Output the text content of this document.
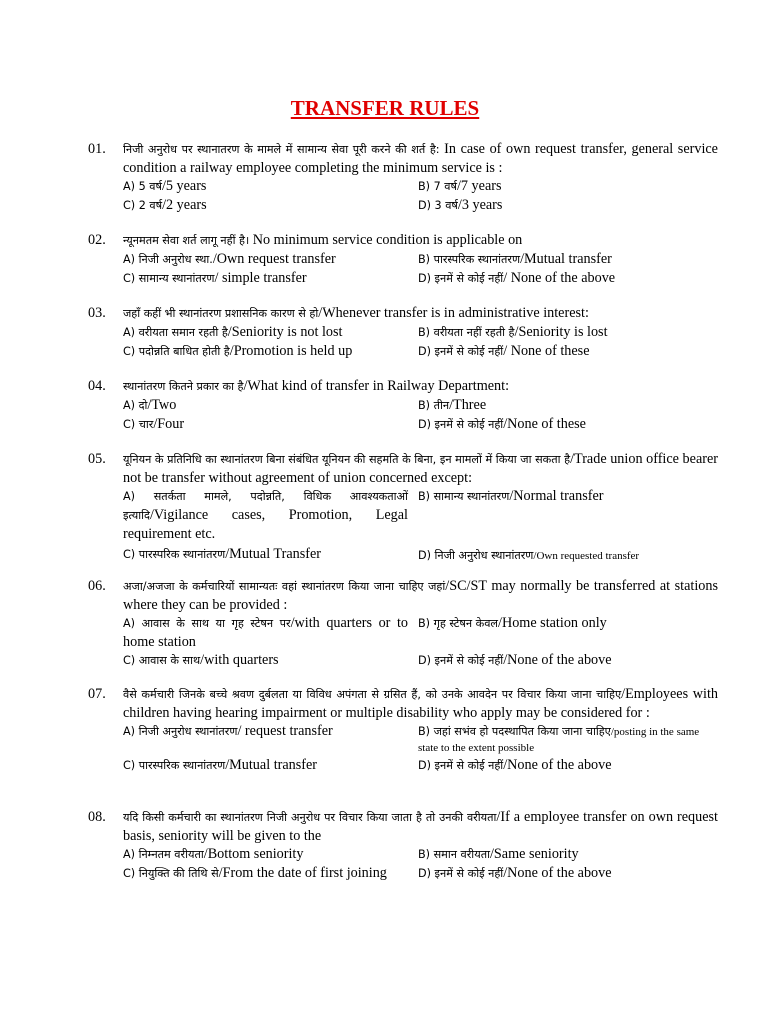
TRANSFER RULES
01. निजी अनुरोध पर स्थानातरण के मामले में सामान्य सेवा पूरी करने की शर्त है: In case of own request transfer, general service condition a railway employee completing the minimum service is :
A) 5 वर्ष/5 years	B) 7 वर्ष/7 years
C) 2 वर्ष/2 years	D) 3 वर्ष/3 years
02. न्यूनमतम सेवा शर्त लागू नहीं है। No minimum service condition is applicable on
A) निजी अनुरोध स्था./Own request transfer	B) पारस्परिक स्थानांतरण/Mutual transfer
C) सामान्य स्थानांतरण/ simple transfer	D) इनमें से कोई नहीं/ None of the above
03. जहाँ कहीं भी स्थानांतरण प्रशासनिक कारण से हो/Whenever transfer is in administrative interest:
A) वरीयता समान रहती है/Seniority is not lost	B) वरीयता नहीं रहती है/Seniority is lost
C) पदोन्नति बाधित होती है/Promotion is held up	D) इनमें से कोई नहीं/ None of these
04. स्थानांतरण कितने प्रकार का है/What kind of transfer in Railway Department:
A) दो/Two	B) तीन/Three
C) चार/Four	D) इनमें से कोई नहीं/None of these
05. यूनियन के प्रतिनिधि का स्थानांतरण बिना संबंधित यूनियन की सहमति के बिना, इन मामलों में किया जा सकता है/Trade union office bearer not be transfer without agreement of union concerned except:
A) सतर्कता मामले, पदोन्नति, विधिक आवश्यकताओं इत्यादि/Vigilance cases, Promotion, Legal requirement etc.
B) सामान्य स्थानांतरण/Normal transfer
C) पारस्परिक स्थानांतरण/Mutual Transfer	D) निजी अनुरोध स्थानांतरण/Own requested transfer
06. अजा/अजजा के कर्मचारियों सामान्यतः वहां स्थानांतरण किया जाना चाहिए जहां/SC/ST may normally be transferred at stations where they can be provided :
A) आवास के साथ या गृह स्टेषन पर/with quarters or to home station
B) गृह स्टेषन केवल/Home station only
C) आवास के साथ/with quarters	D) इनमें से कोई नहीं/None of the above
07. वैसे कर्मचारी जिनके बच्चे श्रवण दुर्बलता या विविध अपंगता से ग्रसित हैं, को उनके आवदेन पर विचार किया जाना चाहिए/Employees with children having hearing impairment or multiple disability who apply may be considered for :
A) निजी अनुरोध स्थानांतरण/ request transfer	B) जहां सभंव हो पदस्थापित किया जाना चाहिए/posting in the same state to the extent possible
C) पारस्परिक स्थानांतरण/Mutual transfer	D) इनमें से कोई नहीं/None of the above
08. यदि किसी कर्मचारी का स्थानांतरण निजी अनुरोध पर विचार किया जाता है तो उनकी वरीयता/If a employee transfer on own request basis, seniority will be given to the
A) निम्नतम वरीयता/Bottom seniority	B) समान वरीयता/Same seniority
C) नियुक्ति की तिथि से/From the date of first joining	D) इनमें से कोई नहीं/None of the above
